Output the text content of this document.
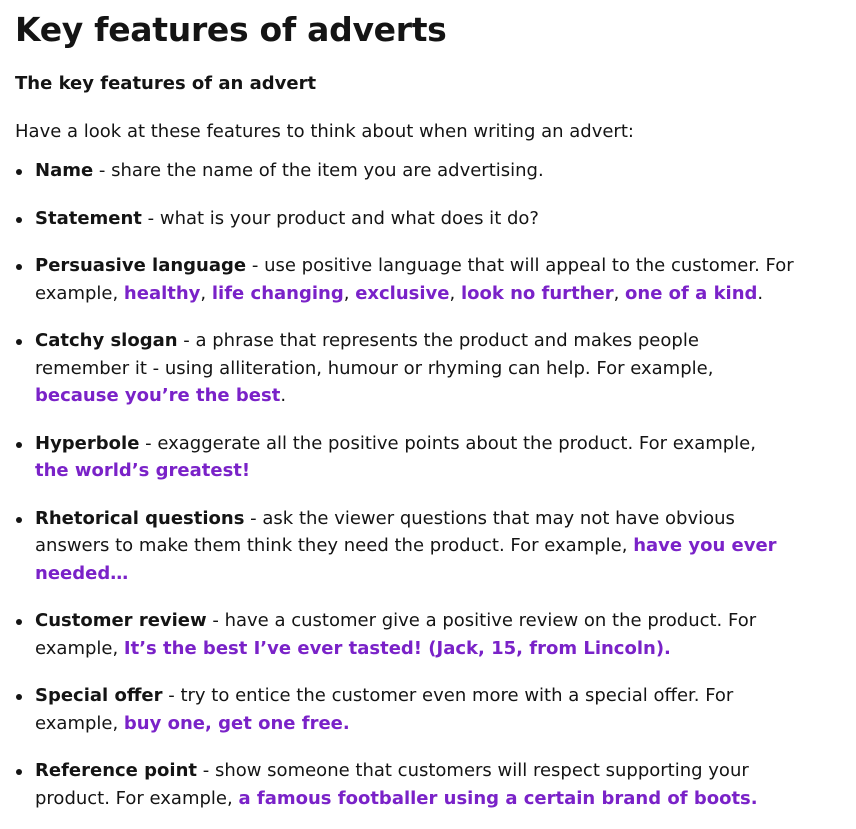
Key features of adverts
The key features of an advert

Have a look at these features to think about when writing an advert:

Name - share the name of the item you are advertising.
Statement - what is your product and what does it do?
Persuasive language - use positive language that will appeal to the customer. For example, healthy, life changing, exclusive, look no further, one of a kind.
Catchy slogan - a phrase that represents the product and makes people remember it - using alliteration, humour or rhyming can help. For example, because you’re the best.
Hyperbole - exaggerate all the positive points about the product. For example, the world’s greatest!
Rhetorical questions - ask the viewer questions that may not have obvious answers to make them think they need the product. For example, have you ever needed…
Customer review - have a customer give a positive review on the product. For example, It’s the best I’ve ever tasted! (Jack, 15, from Lincoln).
Special offer - try to entice the customer even more with a special offer. For example, buy one, get one free.
Reference point - show someone that customers will respect supporting your product. For example, a famous footballer using a certain brand of boots.
